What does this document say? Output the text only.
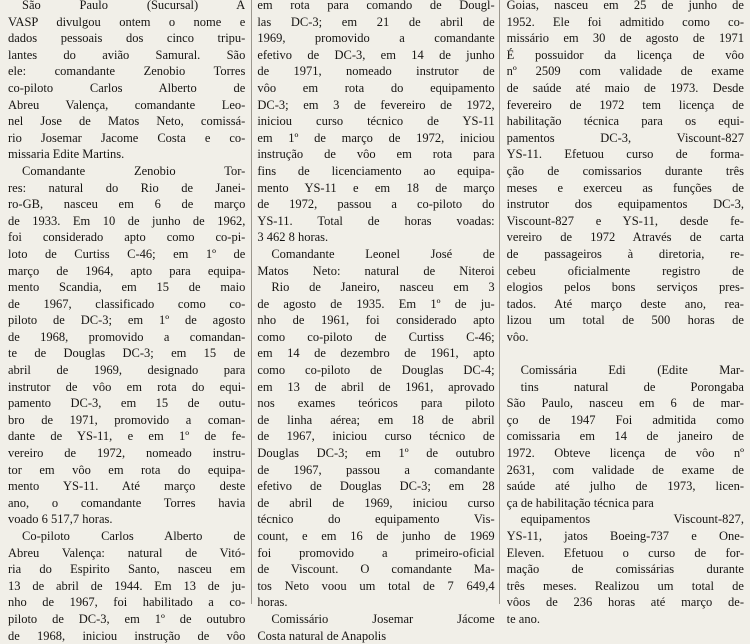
São Paulo (Sucursal) A
VASP divulgou ontem o nome e
dados pessoais dos cinco tripu-
lantes do avião Samural. São
ele: comandante Zenobio Torres
co-piloto Carlos Alberto de
Abreu Valença, comandante Leo-
nel Jose de Matos Neto, comissá-
rio Josemar Jacome Costa e co-
missaria Edite Martins.
Comandante Zenobio Tor-
res: natural do Rio de Janei-
ro-GB, nasceu em 6 de março
de 1933. Em 10 de junho de 1962,
foi considerado apto como co-pi-
loto de Curtiss C-46; em 1º de
março de 1964, apto para equipa-
mento Scandia, em 15 de maio
de 1967, classificado como co-
piloto de DC-3; em 1º de agosto
de 1968, promovido a comandan-
te de Douglas DC-3; em 15 de
abril de 1969, designado para
instrutor de vôo em rota do equi-
pamento DC-3, em 15 de outu-
bro de 1971, promovido a coman-
dante de YS-11, e em 1º de fe-
vereiro de 1972, nomeado instru-
tor em vôo em rota do equipa-
mento YS-11. Até março deste
ano, o comandante Torres havia
voado 6 517,7 horas.
Co-piloto Carlos Alberto de
Abreu Valença: natural de Vitó-
ria do Espirito Santo, nasceu em
13 de abril de 1944. Em 13 de ju-
nho de 1967, foi habilitado a co-
piloto de DC-3, em 1º de outubro
de 1968, iniciou instrução de vôo
em rota para comando de Dougl-
las DC-3; em 21 de abril de
1969, promovido a comandante
efetivo de DC-3, em 14 de junho
de 1971, nomeado instrutor de
vôo em rota do equipamento
DC-3; em 3 de fevereiro de 1972,
iniciou curso técnico de YS-11
em 1º de março de 1972, iniciou
instrução de vôo em rota para
fins de licenciamento ao equipa-
mento YS-11 e em 18 de março
de 1972, passou a co-piloto do
YS-11. Total de horas voadas:
3 462 8 horas.
Comandante Leonel José de
Matos Neto: natural de Niteroi
Rio de Janeiro, nasceu em 3
de agosto de 1935. Em 1º de ju-
nho de 1961, foi considerado apto
como co-piloto de Curtiss C-46;
em 14 de dezembro de 1961, apto
como co-piloto de Douglas DC-4;
em 13 de abril de 1961, aprovado
nos exames teóricos para piloto
de linha aérea; em 18 de abril
de 1967, iniciou curso técnico de
Douglas DC-3; em 1º de outubro
de 1967, passou a comandante
efetivo de Douglas DC-3; em 28
de abril de 1969, iniciou curso
técnico do equipamento Vis-
count, e em 16 de junho de 1969
foi promovido a primeiro-oficial
de Viscount. O comandante Ma-
tos Neto voou um total de 7 649,4
horas.
Comissário Josemar Jácome
Costa natural de Anapolis
Goias, nasceu em 25 de junho de
1952. Ele foi admitido como co-
missário em 30 de agosto de 1971
É possuidor da licença de vôo
nº 2509 com validade de exame
de saúde até maio de 1973. Desde
fevereiro de 1972 tem licença de
habilitação técnica para os equi-
pamentos DC-3, Viscount-827
YS-11. Efetuou curso de forma-
ção de comissarios durante três
meses e exerceu as funções de
instrutor dos equipamentos DC-3,
Viscount-827 e YS-11, desde fe-
vereiro de 1972 Através de carta
de passageiros à diretoria, re-
cebeu oficialmente registro de
elogios pelos bons serviços pres-
tados. Até março deste ano, rea-
lizou um total de 500 horas de
vôo.

Comissária Edi (Edite Mar-
tins natural de Porongaba
São Paulo, nasceu em 6 de mar-
ço de 1947 Foi admitida como
comissaria em 14 de janeiro de
1972. Obteve licença de vôo nº
2631, com validade de exame de
saúde até julho de 1973, licen-
ça de habilitação técnica para
equipamentos Viscount-827,
YS-11, jatos Boeing-737 e One-
Eleven. Efetuou o curso de for-
mação de comissárias durante
três meses. Realizou um total de
vôos de 236 horas até março de-
te ano.
